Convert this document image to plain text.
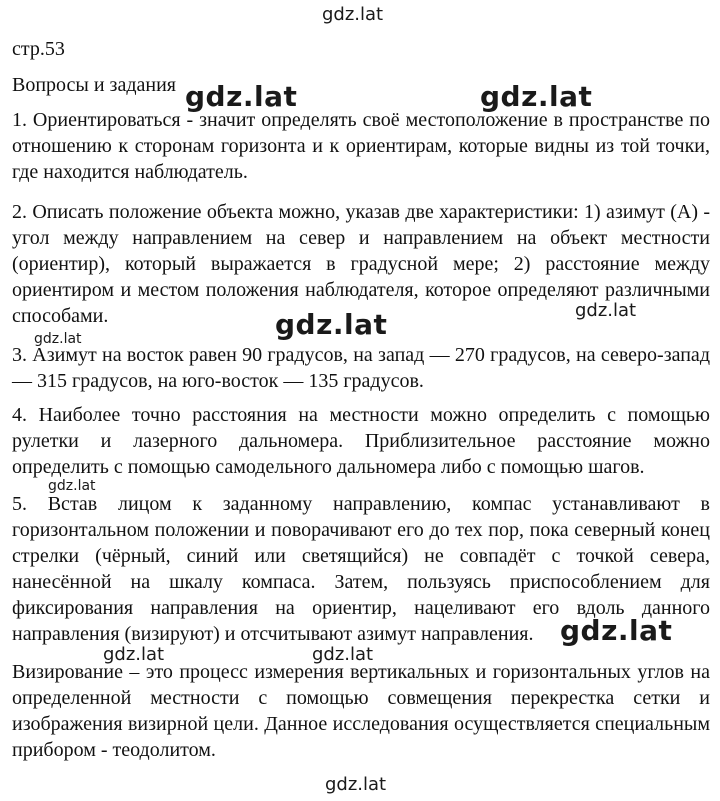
стр.53

Вопросы и задания

1. Ориентироваться - значит определять своё местоположение в пространстве по отношению к сторонам горизонта и к ориентирам, которые видны из той точки, где находится наблюдатель.

2. Описать положение объекта можно, указав две характеристики: 1) азимут (А) - угол между направлением на север и направлением на объект местности (ориентир), который выражается в градусной мере; 2) расстояние между ориентиром и местом положения наблюдателя, которое определяют различными способами.

3. Азимут на восток равен 90 градусов, на запад — 270 градусов, на северо-запад — 315 градусов, на юго-восток — 135 градусов.

4. Наиболее точно расстояния на местности можно определить с помощью рулетки и лазерного дальномера. Приблизительное расстояние можно определить с помощью самодельного дальномера либо с помощью шагов.

5. Встав лицом к заданному направлению, компас устанавливают в горизонтальном положении и поворачивают его до тех пор, пока северный конец стрелки (чёрный, синий или светящийся) не совпадёт с точкой севера, нанесённой на шкалу компаса. Затем, пользуясь приспособлением для фиксирования направления на ориентир, нацеливают его вдоль данного направления (визируют) и отсчитывают азимут направления.

Визирование – это процесс измерения вертикальных и горизонтальных углов на определенной местности с помощью совмещения перекрестка сетки и изображения визирной цели. Данное исследования осуществляется специальным прибором - теодолитом.

gdz.lat
gdz.lat	gdz.lat
gdz.lat	gdz.lat
gdz.lat
gdz.lat
gdz.lat
gdz.lat	gdz.lat
gdz.lat
